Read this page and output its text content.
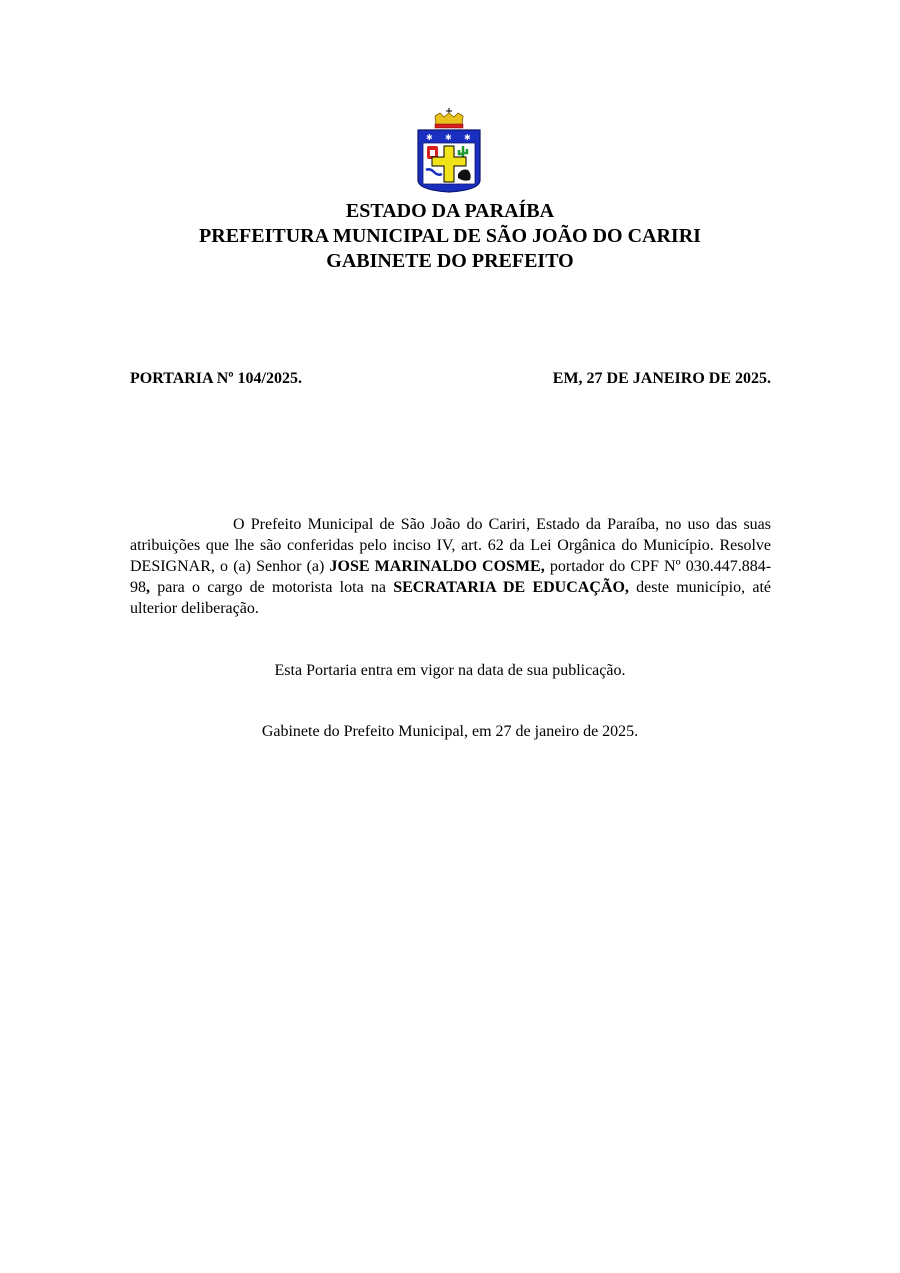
✱ ✱ ✱
ESTADO DA PARAÍBA
PREFEITURA MUNICIPAL DE SÃO JOÃO DO CARIRI
GABINETE DO PREFEITO
PORTARIA Nº 104/2025.	EM, 27 DE JANEIRO DE 2025.

O Prefeito Municipal de São João do Cariri, Estado da Paraíba, no uso das suas atribuições que lhe são conferidas pelo inciso IV, art. 62 da Lei Orgânica do Município. Resolve DESIGNAR, o (a) Senhor (a) JOSE MARINALDO COSME, portador do CPF Nº 030.447.884-98, para o cargo de motorista lota na SECRATARIA DE EDUCAÇÃO, deste município, até ulterior deliberação.

Esta Portaria entra em vigor na data de sua publicação.
Gabinete do Prefeito Municipal, em 27 de janeiro de 2025.
